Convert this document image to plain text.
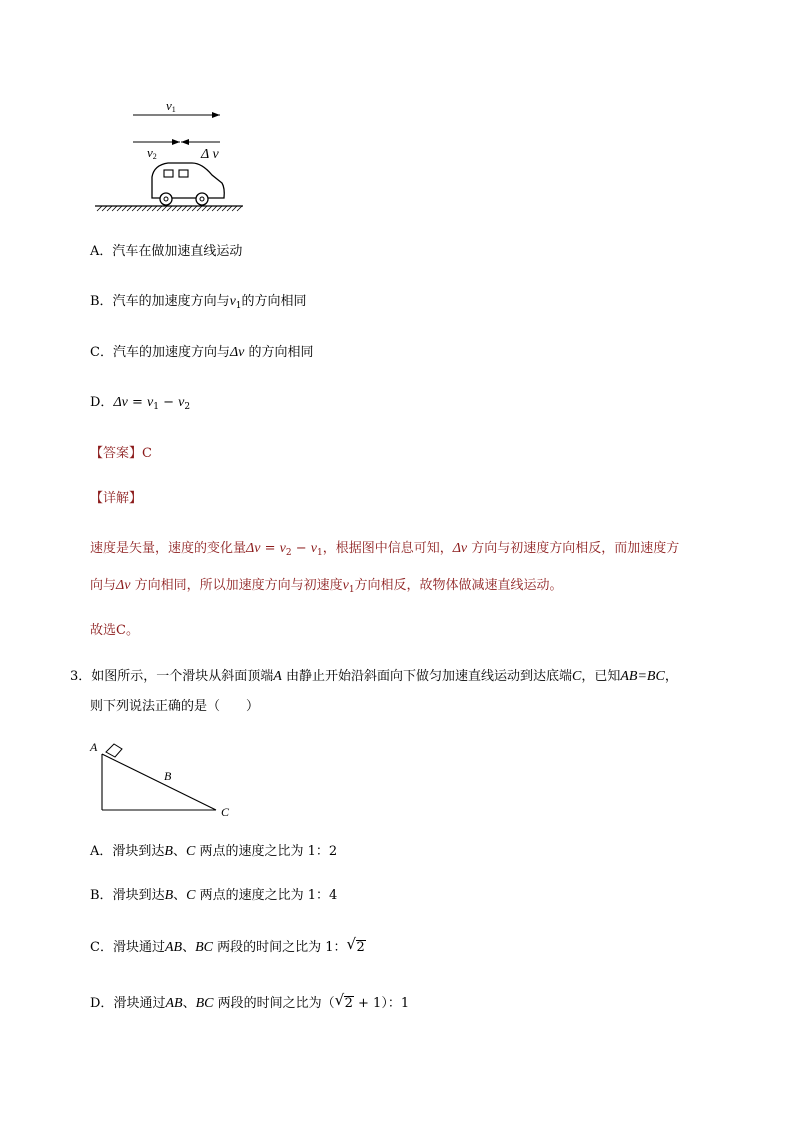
v1
v2	Δ v
A．汽车在做加速直线运动
B．汽车的加速度方向与$v_1$的方向相同
C．汽车的加速度方向与Δv 的方向相同
D．$\Delta v = v_1 - v_2$
【答案】C
【详解】
速度是矢量，速度的变化量$\Delta v = v_2 - v_1$，根据图中信息可知，Δv 方向与初速度方向相反，而加速度方
向与Δv 方向相同，所以加速度方向与初速度$v_1$方向相反，故物体做减速直线运动。
故选C。
3．如图所示，一个滑块从斜面顶端A 由静止开始沿斜面向下做匀加速直线运动到达底端C，已知AB=BC，
则下列说法正确的是（　　）
A
B
C
A．滑块到达B、C 两点的速度之比为 1：2
B．滑块到达B、C 两点的速度之比为 1：4
C．滑块通过AB、BC 两段的时间之比为 1： √ 2
D．滑块通过AB、BC 两段的时间之比为（ √ 2 + 1）：1
